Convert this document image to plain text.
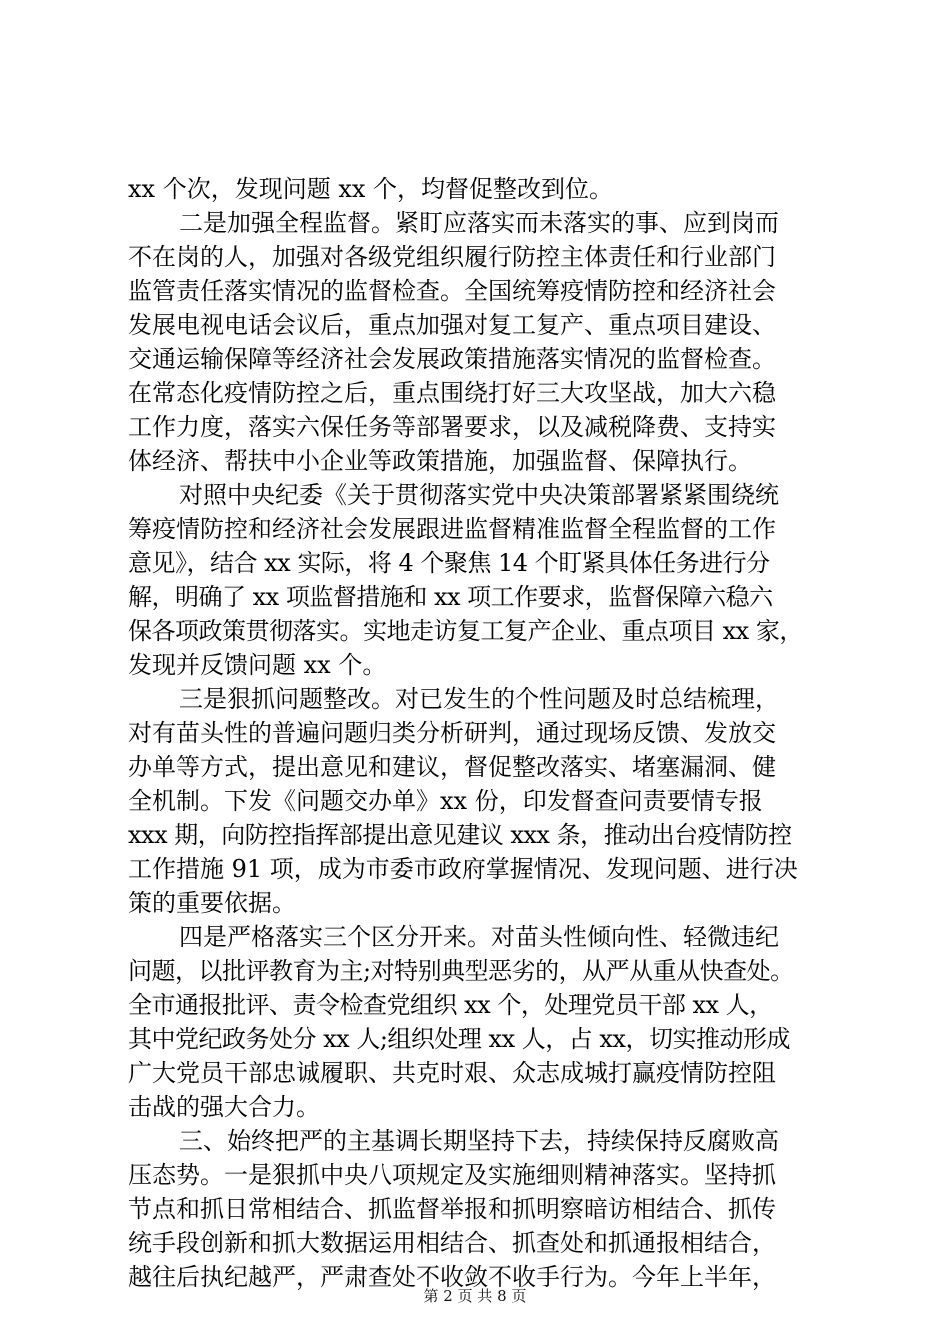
xx 个次，发现问题 xx 个，均督促整改到位。
二是加强全程监督。紧盯应落实而未落实的事、应到岗而
不在岗的人，加强对各级党组织履行防控主体责任和行业部门
监管责任落实情况的监督检查。全国统筹疫情防控和经济社会
发展电视电话会议后，重点加强对复工复产、重点项目建设、
交通运输保障等经济社会发展政策措施落实情况的监督检查。
在常态化疫情防控之后，重点围绕打好三大攻坚战，加大六稳
工作力度，落实六保任务等部署要求，以及减税降费、支持实
体经济、帮扶中小企业等政策措施，加强监督、保障执行。
对照中央纪委《关于贯彻落实党中央决策部署紧紧围绕统
筹疫情防控和经济社会发展跟进监督精准监督全程监督的工作
意见》，结合 xx 实际，将 4 个聚焦 14 个盯紧具体任务进行分
解，明确了 xx 项监督措施和 xx 项工作要求，监督保障六稳六
保各项政策贯彻落实。实地走访复工复产企业、重点项目 xx 家，
发现并反馈问题 xx 个。
三是狠抓问题整改。对已发生的个性问题及时总结梳理，
对有苗头性的普遍问题归类分析研判，通过现场反馈、发放交
办单等方式，提出意见和建议，督促整改落实、堵塞漏洞、健
全机制。下发《问题交办单》xx 份，印发督查问责要情专报
xxx 期，向防控指挥部提出意见建议 xxx 条，推动出台疫情防控
工作措施 91 项，成为市委市政府掌握情况、发现问题、进行决
策的重要依据。
四是严格落实三个区分开来。对苗头性倾向性、轻微违纪
问题，以批评教育为主;对特别典型恶劣的，从严从重从快查处。
全市通报批评、责令检查党组织 xx 个，处理党员干部 xx 人，
其中党纪政务处分 xx 人;组织处理 xx 人，占 xx，切实推动形成
广大党员干部忠诚履职、共克时艰、众志成城打赢疫情防控阻
击战的强大合力。
三、始终把严的主基调长期坚持下去，持续保持反腐败高
压态势。一是狠抓中央八项规定及实施细则精神落实。坚持抓
节点和抓日常相结合、抓监督举报和抓明察暗访相结合、抓传
统手段创新和抓大数据运用相结合、抓查处和抓通报相结合，
越往后执纪越严，严肃查处不收敛不收手行为。今年上半年，
第 2 页 共 8 页
